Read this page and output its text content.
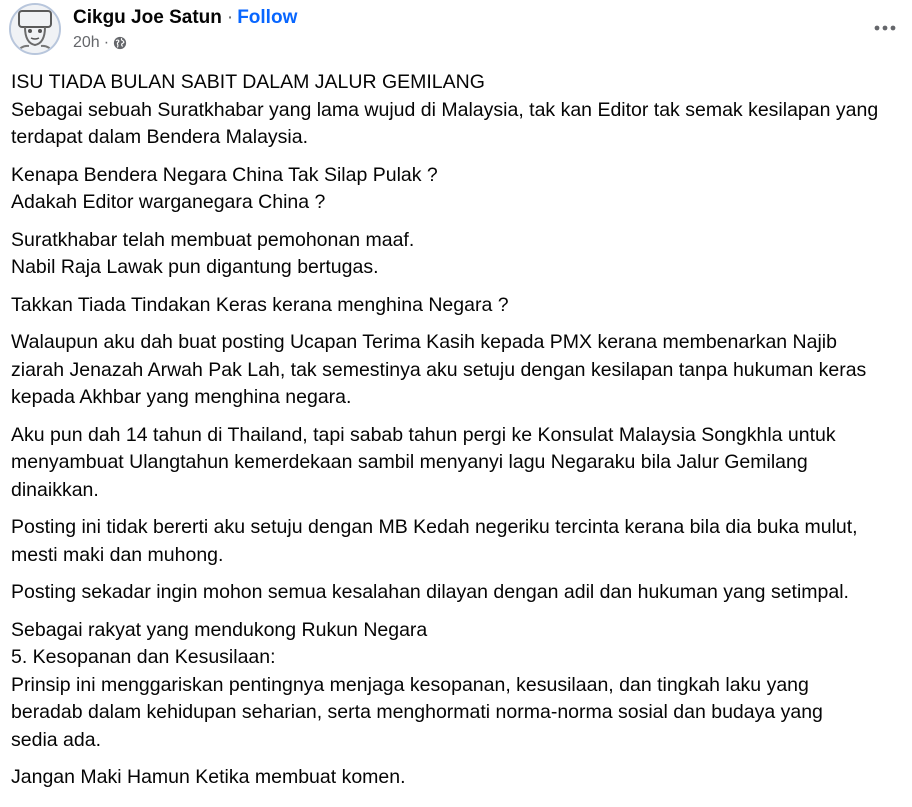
Cikgu Joe Satun · Follow
20h ·
ISU TIADA BULAN SABIT DALAM JALUR GEMILANG
Sebagai sebuah Suratkhabar yang lama wujud di Malaysia, tak kan Editor tak semak kesilapan yang
terdapat dalam Bendera Malaysia.
Kenapa Bendera Negara China Tak Silap Pulak ?
Adakah Editor warganegara China ?
Suratkhabar telah membuat pemohonan maaf.
Nabil Raja Lawak pun digantung bertugas.
Takkan Tiada Tindakan Keras kerana menghina Negara ?
Walaupun aku dah buat posting Ucapan Terima Kasih kepada PMX kerana membenarkan Najib
ziarah Jenazah Arwah Pak Lah, tak semestinya aku setuju dengan kesilapan tanpa hukuman keras
kepada Akhbar yang menghina negara.
Aku pun dah 14 tahun di Thailand, tapi sabab tahun pergi ke Konsulat Malaysia Songkhla untuk
menyambuat Ulangtahun kemerdekaan sambil menyanyi lagu Negaraku bila Jalur Gemilang
dinaikkan.
Posting ini tidak bererti aku setuju dengan MB Kedah negeriku tercinta kerana bila dia buka mulut,
mesti maki dan muhong.
Posting sekadar ingin mohon semua kesalahan dilayan dengan adil dan hukuman yang setimpal.
Sebagai rakyat yang mendukong Rukun Negara
5. Kesopanan dan Kesusilaan:
Prinsip ini menggariskan pentingnya menjaga kesopanan, kesusilaan, dan tingkah laku yang
beradab dalam kehidupan seharian, serta menghormati norma-norma sosial dan budaya yang
sedia ada.
Jangan Maki Hamun Ketika membuat komen.
